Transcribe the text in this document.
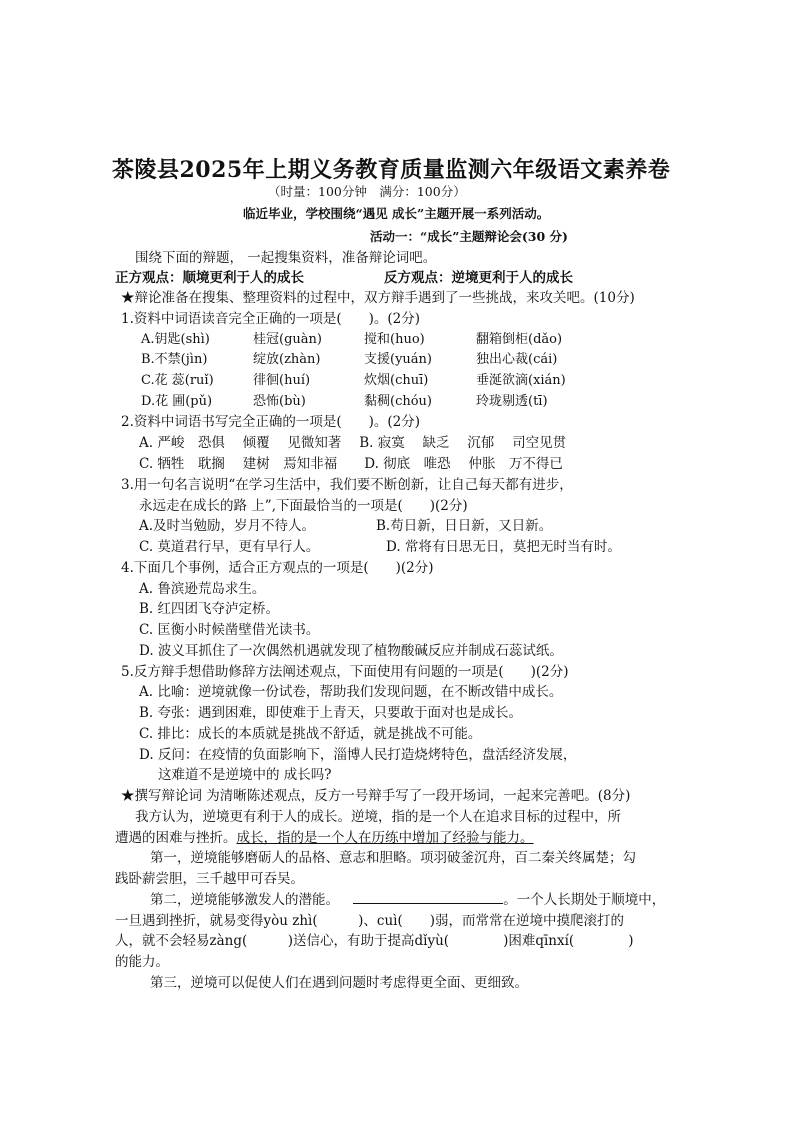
茶陵县2025年上期义务教育质量监测六年级语文素养卷
（时量：100分钟　满分：100分）
临近毕业，学校围绕“遇见 成长”主题开展一系列活动。
活动一：“成长”主题辩论会(30 分)
围绕下面的辩题， 一起搜集资料，准备辩论词吧。
正方观点：顺境更利于人的成长	反方观点：逆境更利于人的成长
★辩论准备在搜集、整理资料的过程中，双方辩手遇到了一些挑战，来攻关吧。(10分)
1.资料中词语读音完全正确的一项是(　　)。(2分)
A.钥匙(shì)	桂冠(guàn)	搅和(huo)	翻箱倒柜(dǎo)
B.不禁(jìn)	绽放(zhàn)	支援(yuán)	独出心裁(cái)
C.花 蕊(ruǐ)	徘徊(huí)	炊烟(chuī)	垂涎欲滴(xián)
D.花 圃(pǔ)	恐怖(bù)	黏稠(chóu)	玲珑剔透(tī)
2.资料中词语书写完全正确的一项是(　　)。(2分)
A. 严峻　恐俱　 倾覆　 见微知著　 B. 寂寞　 缺乏　 沉郁　 司空见贯
C. 牺牲　耽搁　 建树　焉知非福　　D. 彻底　唯恐　 仲胀　万不得已
3.用一句名言说明“在学习生活中，我们要不断创新，让自己每天都有进步，
永远走在成长的路 上”,下面最恰当的一项是(　　)(2分)
A.及时当勉励，岁月不待人。	B.苟日新，日日新，又日新。
C. 莫道君行早，更有早行人。	D. 常将有日思无日，莫把无时当有时。
4.下面几个事例，适合正方观点的一项是(　　)(2分)
A. 鲁滨逊荒岛求生。
B. 红四团飞夺泸定桥。
C. 匡衡小时候凿壁借光读书。
D. 波义耳抓住了一次偶然机遇就发现了植物酸碱反应并制成石蕊试纸。
5.反方辩手想借助修辞方法阐述观点，下面使用有问题的一项是(　　)(2分)
A. 比喻：逆境就像一份试卷，帮助我们发现问题，在不断改错中成长。
B. 夸张：遇到困难，即使难于上青天，只要敢于面对也是成长。
C. 排比：成长的本质就是挑战不舒适，就是挑战不可能。
D. 反问：在疫情的负面影响下，淄博人民打造烧烤特色，盘活经济发展，
这难道不是逆境中的 成长吗?
★撰写辩论词 为清晰陈述观点，反方一号辩手写了一段开场词，一起来完善吧。(8分)
我方认为，逆境更有利于人的成长。逆境，指的是一个人在追求目标的过程中，所
遭遇的困难与挫折。成长，指的是一个人在历练中增加了经验与能力。
第一，逆境能够磨砺人的品格、意志和胆略。项羽破釜沉舟，百二秦关终属楚；勾
践卧薪尝胆，三千越甲可吞吴。
第二，逆境能够激发人的潜能。	。一个人长期处于顺境中，
一旦遇到挫折，就易变得yòu zhì(　　　)、cuì(　　)弱，而常常在逆境中摸爬滚打的
人，就不会轻易zàng(　　　)送信心，有助于提高dǐyù(　　　　)困难qīnxí(　　　　)
的能力。
第三，逆境可以促使人们在遇到问题时考虑得更全面、更细致。
